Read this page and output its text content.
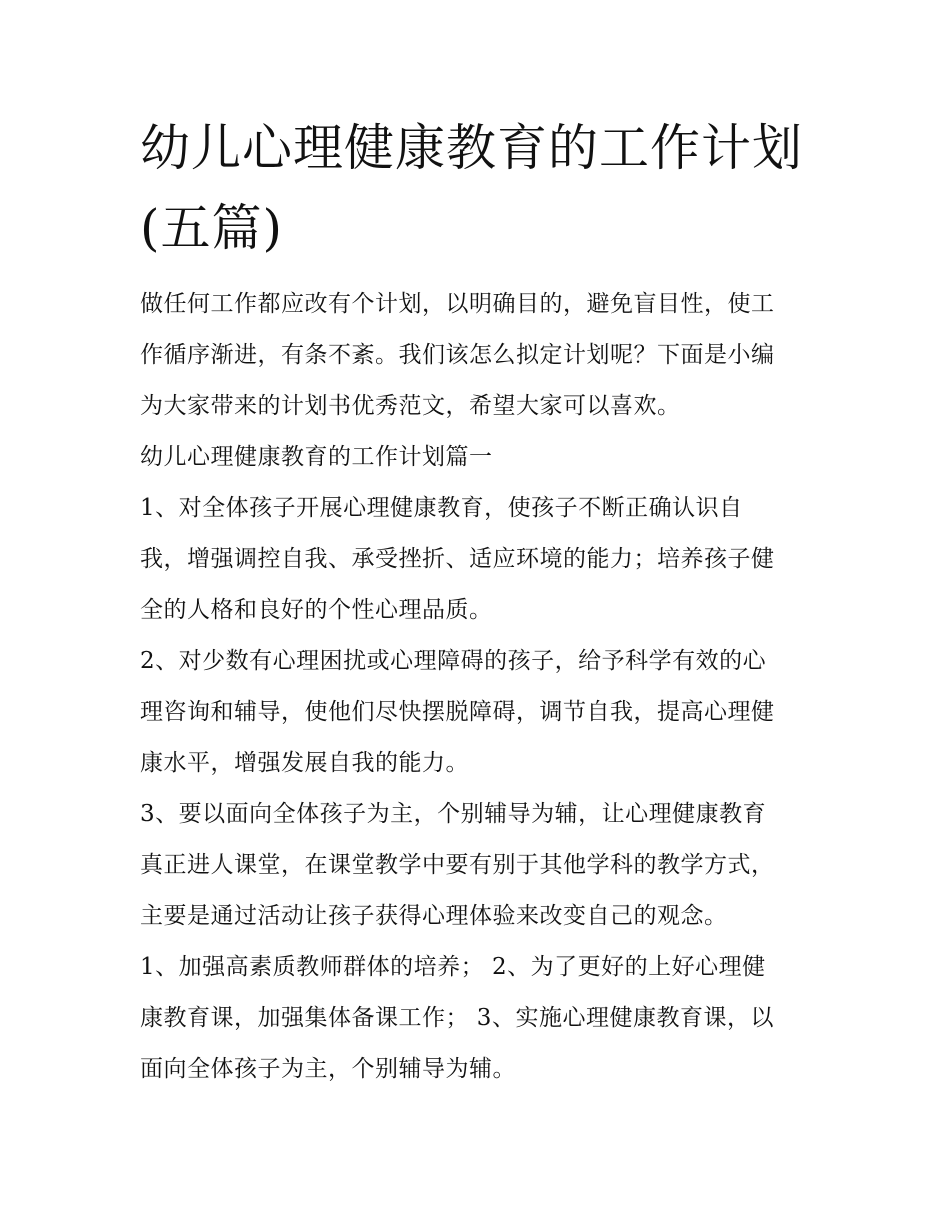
幼儿心理健康教育的工作计划
(五篇)
做任何工作都应改有个计划，以明确目的，避免盲目性，使工
作循序渐进，有条不紊。我们该怎么拟定计划呢？下面是小编
为大家带来的计划书优秀范文，希望大家可以喜欢。
幼儿心理健康教育的工作计划篇一
1、对全体孩子开展心理健康教育，使孩子不断正确认识自
我，增强调控自我、承受挫折、适应环境的能力；培养孩子健
全的人格和良好的个性心理品质。
2、对少数有心理困扰或心理障碍的孩子，给予科学有效的心
理咨询和辅导，使他们尽快摆脱障碍，调节自我，提高心理健
康水平，增强发展自我的能力。
3、要以面向全体孩子为主，个别辅导为辅，让心理健康教育
真正进人课堂，在课堂教学中要有别于其他学科的教学方式，
主要是通过活动让孩子获得心理体验来改变自己的观念。
1、加强高素质教师群体的培养； 2、为了更好的上好心理健
康教育课，加强集体备课工作； 3、实施心理健康教育课，以
面向全体孩子为主，个别辅导为辅。
